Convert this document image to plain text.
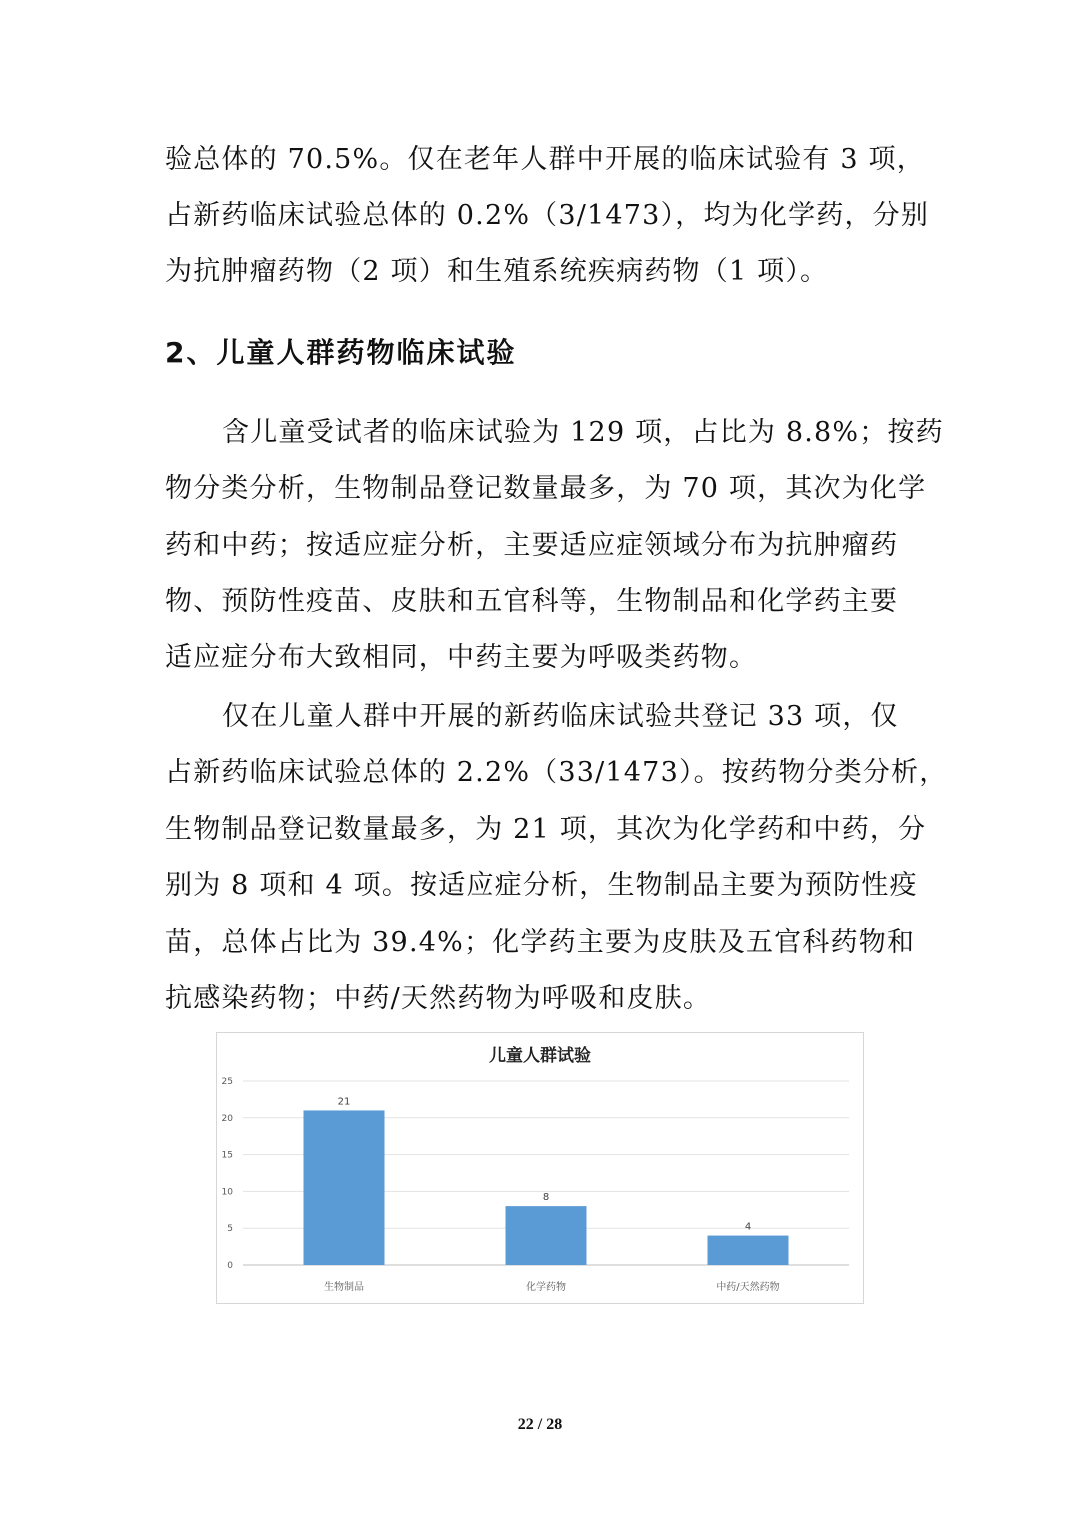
验总体的 70.5%。仅在老年人群中开展的临床试验有 3 项，
占新药临床试验总体的 0.2%（3/1473），均为化学药，分别
为抗肿瘤药物（2 项）和生殖系统疾病药物（1 项）。
2、儿童人群药物临床试验
含儿童受试者的临床试验为 129 项，占比为 8.8%；按药
物分类分析，生物制品登记数量最多，为 70 项，其次为化学
药和中药；按适应症分析，主要适应症领域分布为抗肿瘤药
物、预防性疫苗、皮肤和五官科等，生物制品和化学药主要
适应症分布大致相同，中药主要为呼吸类药物。
仅在儿童人群中开展的新药临床试验共登记 33 项，仅
占新药临床试验总体的 2.2%（33/1473）。按药物分类分析，
生物制品登记数量最多，为 21 项，其次为化学药和中药，分
别为 8 项和 4 项。按适应症分析，生物制品主要为预防性疫
苗，总体占比为 39.4%；化学药主要为皮肤及五官科药物和
抗感染药物；中药/天然药物为呼吸和皮肤。
儿童人群试验
0
5
10
15
20
25
21
生物制品
8
化学药物
4
中药/天然药物
22 / 28
